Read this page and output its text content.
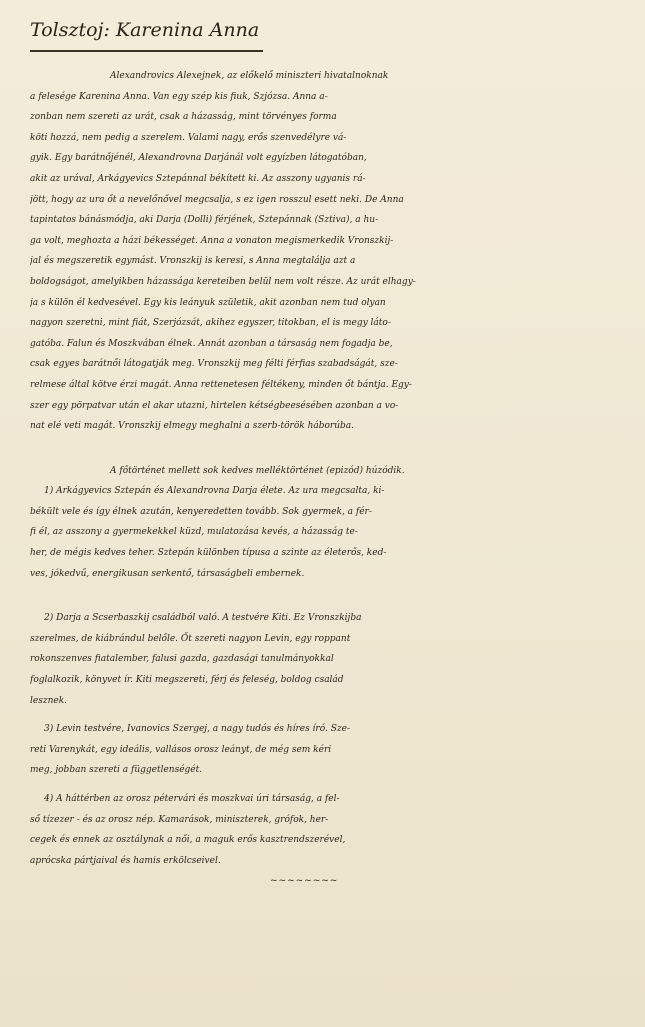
Tolsztoj: Karenina Anna
Alexandrovics Alexejnek, az előkelő miniszteri hivatalnoknak
a felesége Karenina Anna. Van egy szép kis fiuk, Szjózsa. Anna a-
zonban nem szereti az urát, csak a házasság, mint törvényes forma
köti hozzá, nem pedig a szerelem. Valami nagy, erős szenvedélyre vá-
gyik. Egy barátnőjénél, Alexandrovna Darjánál volt egyízben látogatóban,
akit az urával, Arkágyevics Sztepánnal békített ki. Az asszony ugyanis rá-
jött, hogy az ura őt a nevelőnővel megcsalja, s ez igen rosszul esett neki. De Anna
tapintatos bánásmódja, aki Darja (Dolli) férjének, Sztepánnak (Sztiva), a hu-
ga volt, meghozta a házi békességet. Anna a vonaton megismerkedik Vronszkij-
jal és megszeretik egymást. Vronszkij is keresi, s Anna megtalálja azt a
boldogságot, amelyikben házassága kereteiben belül nem volt része. Az urát elhagy-
ja s külön él kedvesével. Egy kis leányuk születik, akit azonban nem tud olyan
nagyon szeretni, mint fiát, Szerjózsát, akihez egyszer, titokban, el is megy láto-
gatóba. Falun és Moszkvában élnek. Annát azonban a társaság nem fogadja be,
csak egyes barátnői látogatják meg. Vronszkij meg félti férfias szabadságát, sze-
relmese által kötve érzi magát. Anna rettenetesen féltékeny, minden őt bántja. Egy-
szer egy pörpatvar után el akar utazni, hirtelen kétségbeesésében azonban a vo-
nat elé veti magát. Vronszkij elmegy meghalni a szerb-török háborúba.
A főtörténet mellett sok kedves melléktörténet (epizód) húzódik.
1) Arkágyevics Sztepán és Alexandrovna Darja élete. Az ura megcsalta, ki-
békült vele és így élnek azután, kenyeredetten tovább. Sok gyermek, a fér-
fi él, az asszony a gyermekekkel küzd, mulatozása kevés, a házasság te-
her, de mégis kedves teher. Sztepán különben típusa a szinte az életerős, ked-
ves, jókedvű, energikusan serkentő, társaságbeli embernek.
2) Darja a Scserbaszkij családból való. A testvére Kiti. Ez Vronszkijba
szerelmes, de kiábrándul belőle. Őt szereti nagyon Levin, egy roppant
rokonszenves fiatalember, falusi gazda, gazdasági tanulmányokkal
foglalkozik, könyvet ír. Kiti megszereti, férj és feleség, boldog család
lesznek.
3) Levin testvére, Ivanovics Szergej, a nagy tudós és híres író. Sze-
reti Varenykát, egy ideális, vallásos orosz leányt, de még sem kéri
meg, jobban szereti a függetlenségét.
4) A háttérben az orosz pétervári és moszkvai úri társaság, a fel-
ső tízezer - és az orosz nép. Kamarások, miniszterek, grófok, her-
cegek és ennek az osztálynak a női, a maguk erős kasztrendszerével,
aprócska pártjaival és hamis erkölcseivel.
~~~~~~~~
